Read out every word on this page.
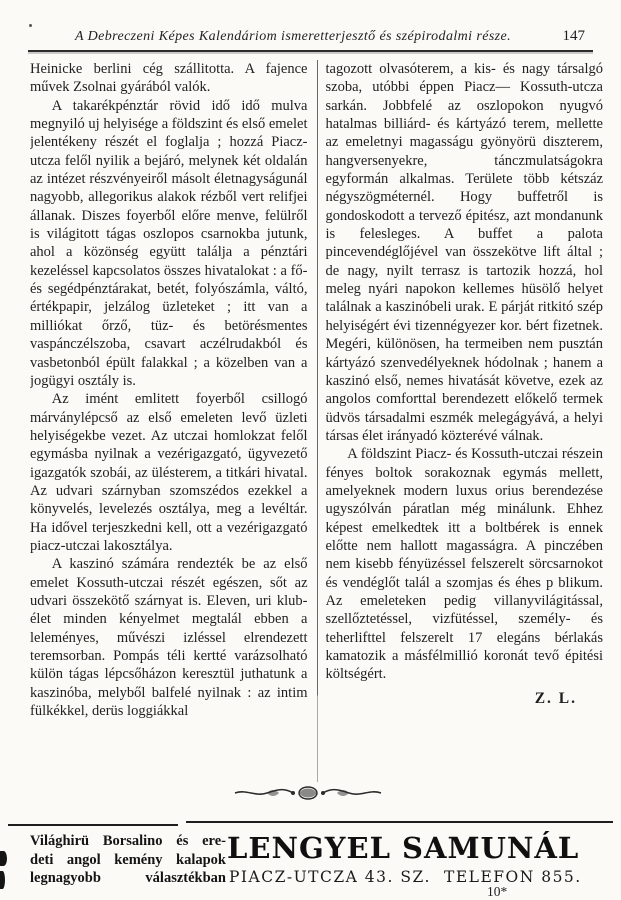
A Debreczeni Képes Kalendáriom ismeretterjesztő és szépirodalmi része.	147

Heinicke berlini cég szállitotta. A fajence művek Zsolnai gyárából valók.

A takarékpénztár rövid idő idő mulva megnyiló uj helyisége a földszint és első emelet jelentékeny részét el foglalja ; hozzá Piacz-utcza felől nyilik a bejáró, melynek két oldalán az intézet részvényeiről másolt életnagyságunál nagyobb, allegorikus alakok rézből vert relifjei állanak. Diszes foyerből előre menve, felülről is világitott tágas oszlopos csarnokba jutunk, ahol a közönség együtt találja a pénztári kezeléssel kapcsolatos összes hivatalokat : a fő- és segédpénztárakat, betét, folyószámla, váltó, értékpapir, jelzálog üzleteket ; itt van a milliókat őrző, tüz- és betörésmentes vaspánczélszoba, csavart aczélrudakból és vasbetonból épült falakkal ; a közelben van a jogügyi osztály is.

Az imént emlitett foyerből csillogó márványlépcső az első emeleten levő üzleti helyiségekbe vezet. Az utczai homlokzat felől egymásba nyilnak a vezérigazgató, ügyvezető igazgatók szobái, az ülésterem, a titkári hivatal. Az udvari szárnyban szomszédos ezekkel a könyvelés, levelezés osztálya, meg a levéltár. Ha idővel terjeszkedni kell, ott a vezérigazgató piacz-utczai lakosztálya.

A kaszinó számára rendezték be az első emelet Kossuth-utczai részét egészen, sőt az udvari összekötő szárnyat is. Eleven, uri klub-élet minden kényelmet megtalál ebben a leleményes, művészi izléssel elrendezett teremsorban. Pompás téli kertté varázsolható külön tágas lépcsőházon keresztül juthatunk a kaszinóba, melyből balfelé nyilnak : az intim fülkékkel, derüs loggiákkal

tagozott olvasóterem, a kis- és nagy társalgó szoba, utóbbi éppen Piacz— Kossuth-utcza sarkán. Jobbfelé az oszlopokon nyugvó hatalmas billiárd- és kártyázó terem, mellette az emeletnyi magasságu gyönyörü diszterem, hangversenyekre, tánczmulatságokra egyformán alkalmas. Területe több kétszáz négyszögméternél. Hogy buffetről is gondoskodott a tervező épitész, azt mondanunk is felesleges. A buffet a palota pincevendéglőjével van összekötve lift által ; de nagy, nyilt terrasz is tartozik hozzá, hol meleg nyári napokon kellemes hüsölő helyet találnak a kaszinóbeli urak. E párját ritkitó szép helyiségért évi tizennégyezer kor. bért fizetnek. Megéri, különösen, ha termeiben nem pusztán kártyázó szenvedélyeknek hódolnak ; hanem a kaszinó első, nemes hivatását követve, ezek az angolos comforttal berendezett előkelő termek üdvös társadalmi eszmék melegágyává, a helyi társas élet irányadó közterévé válnak.

A földszint Piacz- és Kossuth-utczai részein fényes boltok sorakoznak egymás mellett, amelyeknek modern luxus orius berendezése ugyszólván páratlan még minálunk. Ehhez képest emelkedtek itt a boltbérek is ennek előtte nem hallott magasságra. A pinczében nem kisebb fényüzéssel felszerelt sörcsarnokot és vendéglőt talál a szomjas és éhes p blikum. Az emeleteken pedig villanyvilágitással, szellőztetéssel, vizfütéssel, személy- és teherlifttel felszerelt 17 elegáns bérlakás kamatozik a másfélmillió koronát tevő épitési költségért.

Z. L.
Világhirü Borsalino és ere-
deti angol kemény kalapok
legnagyobb választékban
LENGYEL SAMUNÁL
PIACZ-UTCZA 43. SZ. TELEFON 855.
10*
